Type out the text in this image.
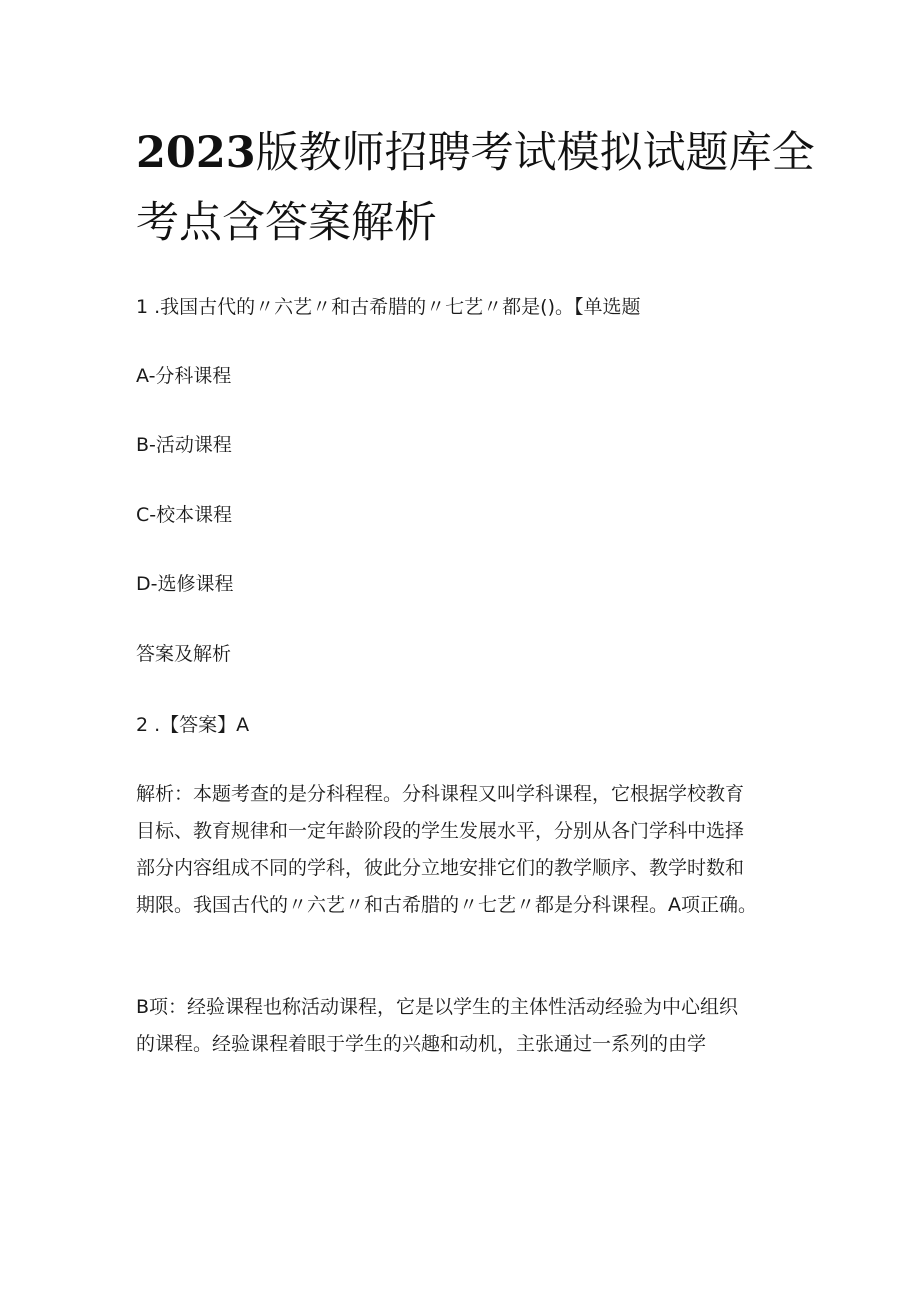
2023版教师招聘考试模拟试题库全
考点含答案解析

1 .我国古代的〃六艺〃和古希腊的〃七艺〃都是()。【单选题

A-分科课程

B-活动课程

C-校本课程

D-选修课程

答案及解析

2 .【答案】A

解析：本题考查的是分科程程。分科课程又叫学科课程，它根据学校教育
目标、教育规律和一定年龄阶段的学生发展水平，分别从各门学科中选择
部分内容组成不同的学科，彼此分立地安排它们的教学顺序、教学时数和
期限。我国古代的〃六艺〃和古希腊的〃七艺〃都是分科课程。A项正确。
B项：经验课程也称活动课程，它是以学生的主体性活动经验为中心组织
的课程。经验课程着眼于学生的兴趣和动机，主张通过一系列的由学
